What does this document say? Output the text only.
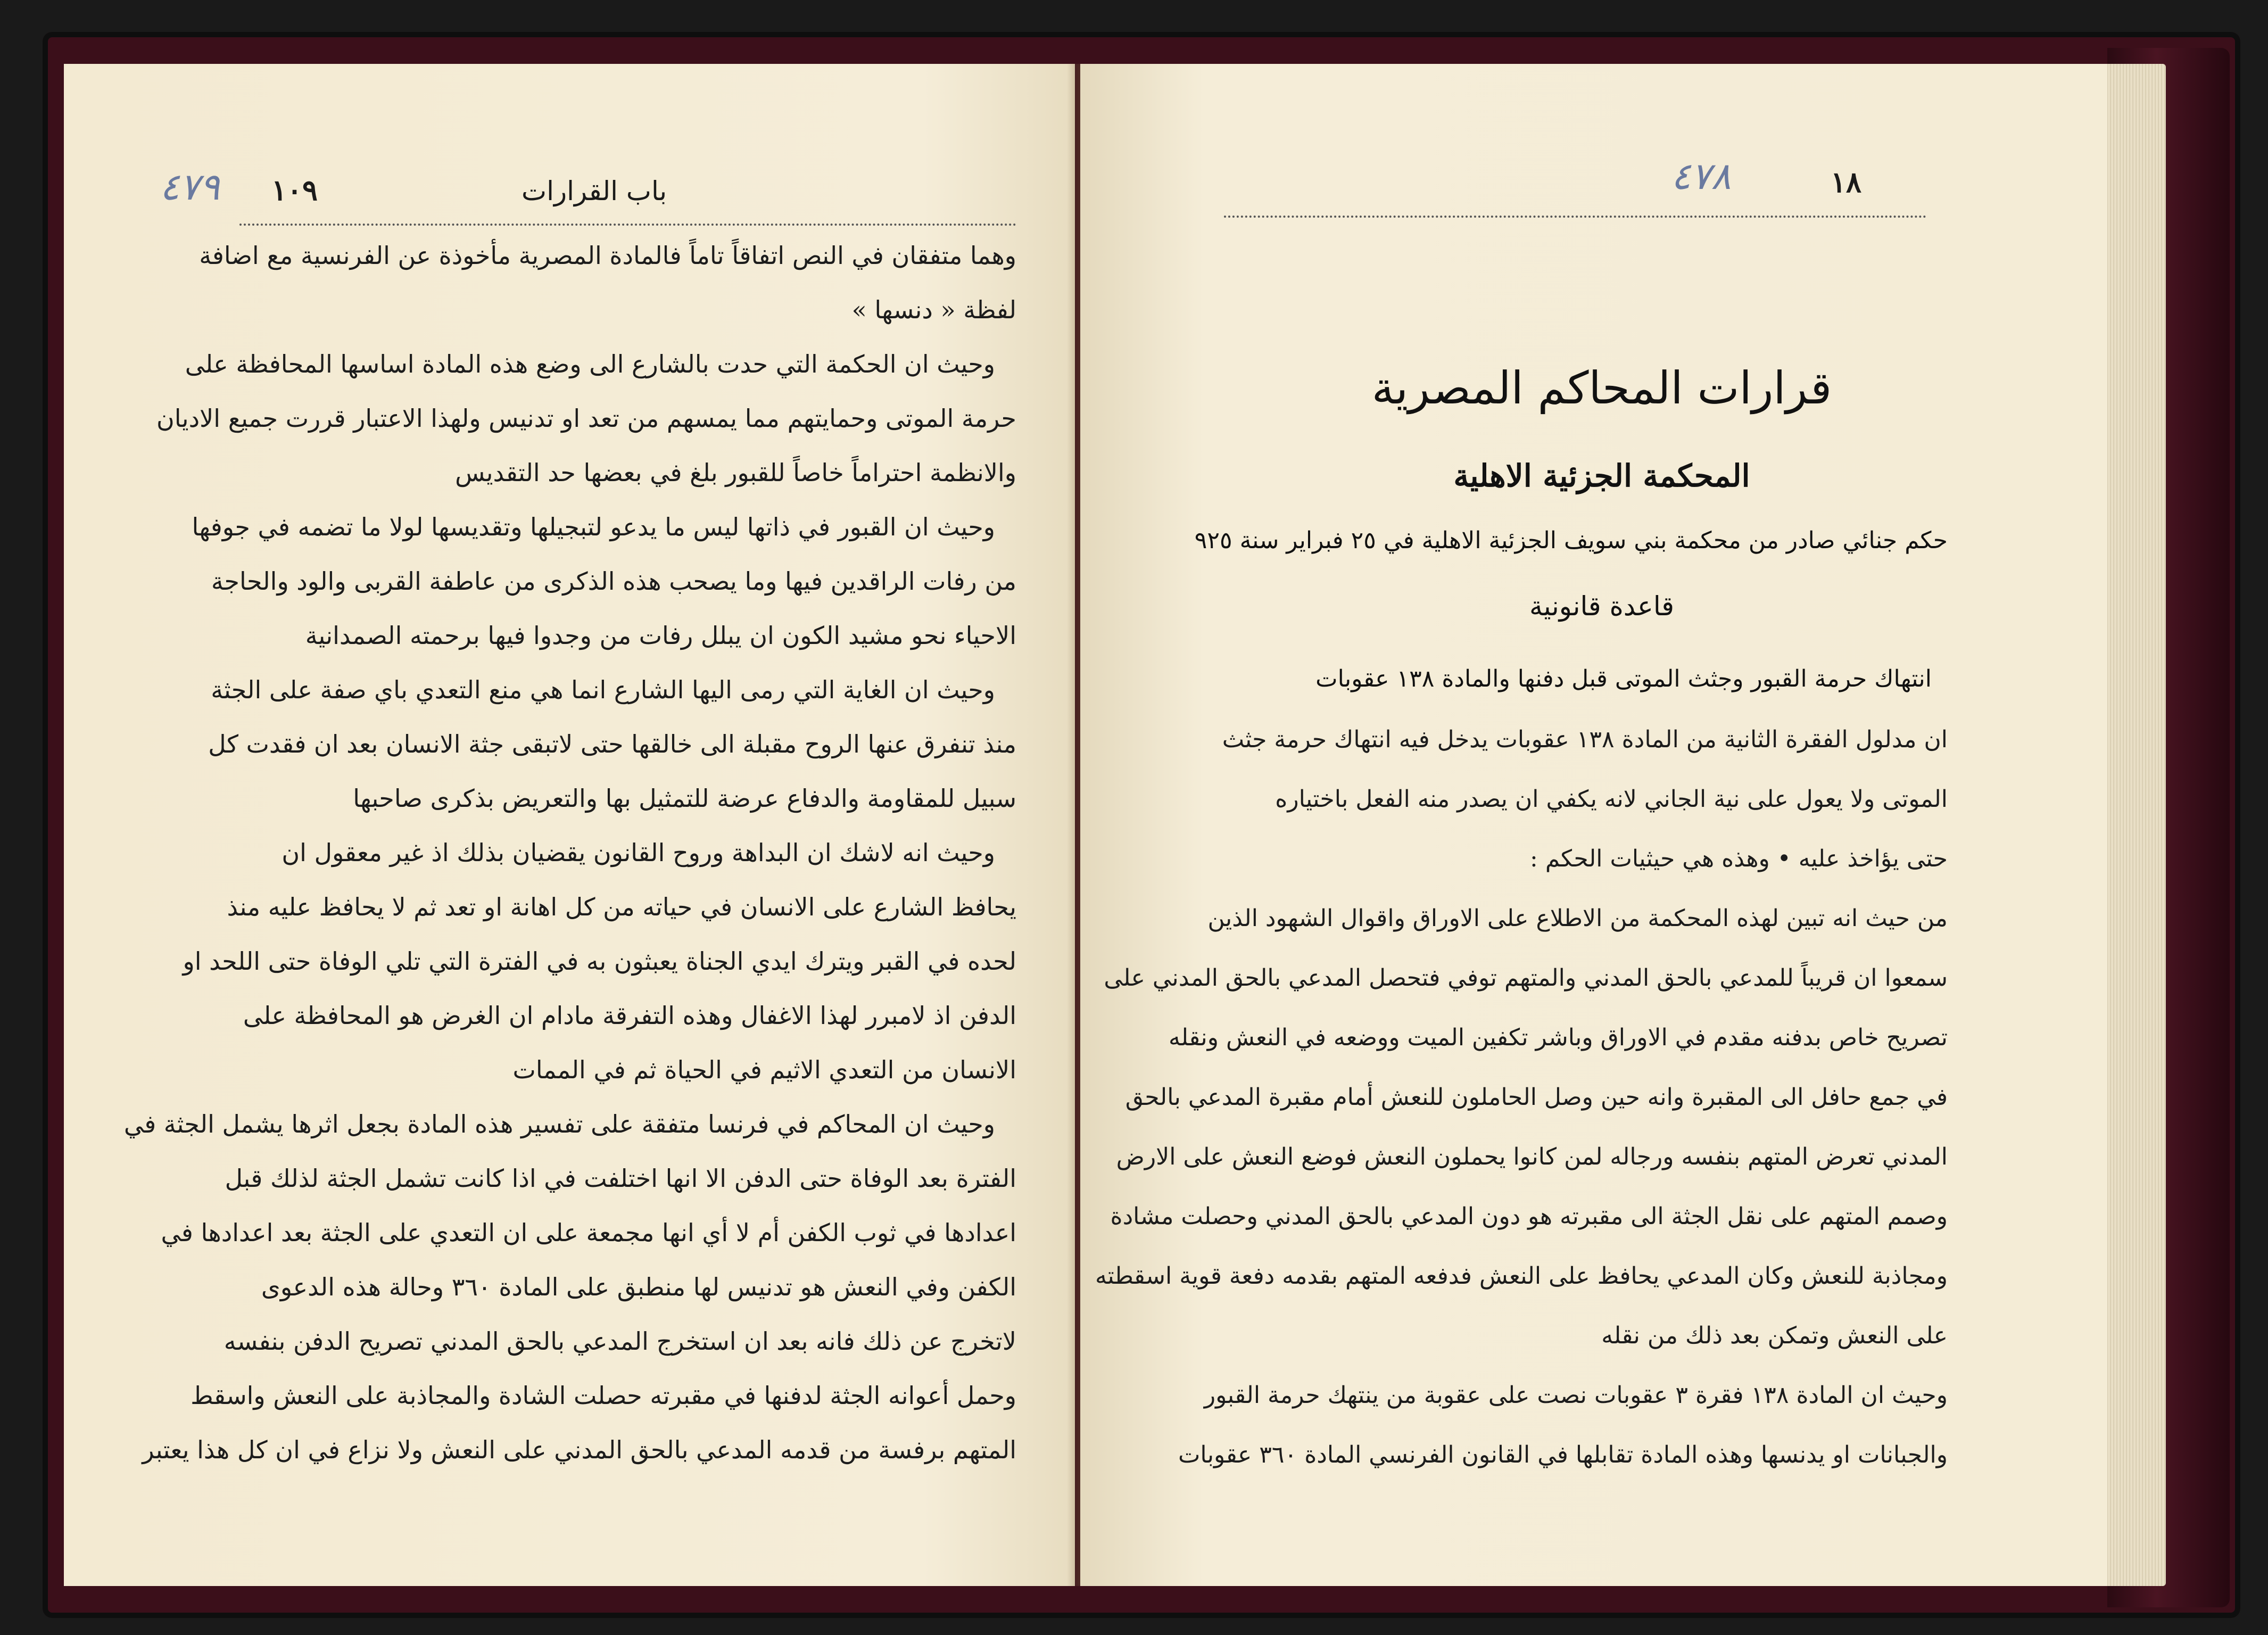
٤٧٩ ١٠٩	باب القرارات
وهما متفقان في النص اتفاقاً تاماً فالمادة المصرية مأخوذة عن الفرنسية مع اضافة
لفظة « دنسها »
وحيث ان الحكمة التي حدت بالشارع الى وضع هذه المادة اساسها المحافظة على
حرمة الموتى وحمايتهم مما يمسهم من تعد او تدنيس ولهذا الاعتبار قررت جميع الاديان
والانظمة احتراماً خاصاً للقبور بلغ في بعضها حد التقديس
وحيث ان القبور في ذاتها ليس ما يدعو لتبجيلها وتقديسها لولا ما تضمه في جوفها
من رفات الراقدين فيها وما يصحب هذه الذكرى من عاطفة القربى والود والحاجة
الاحياء نحو مشيد الكون ان يبلل رفات من وجدوا فيها برحمته الصمدانية
وحيث ان الغاية التي رمى اليها الشارع انما هي منع التعدي باي صفة على الجثة
منذ تنفرق عنها الروح مقبلة الى خالقها حتى لاتبقى جثة الانسان بعد ان فقدت كل
سبيل للمقاومة والدفاع عرضة للتمثيل بها والتعريض بذكرى صاحبها
وحيث انه لاشك ان البداهة وروح القانون يقضيان بذلك اذ غير معقول ان
يحافظ الشارع على الانسان في حياته من كل اهانة او تعد ثم لا يحافظ عليه منذ
لحده في القبر ويترك ايدي الجناة يعبثون به في الفترة التي تلي الوفاة حتى اللحد او
الدفن اذ لامبرر لهذا الاغفال وهذه التفرقة مادام ان الغرض هو المحافظة على
الانسان من التعدي الاثيم في الحياة ثم في الممات
وحيث ان المحاكم في فرنسا متفقة على تفسير هذه المادة بجعل اثرها يشمل الجثة في
الفترة بعد الوفاة حتى الدفن الا انها اختلفت في اذا كانت تشمل الجثة لذلك قبل
اعدادها في ثوب الكفن أم لا أي انها مجمعة على ان التعدي على الجثة بعد اعدادها في
الكفن وفي النعش هو تدنيس لها منطبق على المادة ٣٦٠ وحالة هذه الدعوى
لاتخرج عن ذلك فانه بعد ان استخرج المدعي بالحق المدني تصريح الدفن بنفسه
وحمل أعوانه الجثة لدفنها في مقبرته حصلت الشادة والمجاذبة على النعش واسقط
المتهم برفسة من قدمه المدعي بالحق المدني على النعش ولا نزاع في ان كل هذا يعتبر
٤٧٨	١٨
قرارات المحاكم المصرية
المحكمة الجزئية الاهلية
حكم جنائي صادر من محكمة بني سويف الجزئية الاهلية في ٢٥ فبراير سنة ٩٢٥
قاعدة قانونية
انتهاك حرمة القبور وجثث الموتى قبل دفنها والمادة ١٣٨ عقوبات
ان مدلول الفقرة الثانية من المادة ١٣٨ عقوبات يدخل فيه انتهاك حرمة جثث
الموتى ولا يعول على نية الجاني لانه يكفي ان يصدر منه الفعل باختياره
حتى يؤاخذ عليه • وهذه هي حيثيات الحكم :
من حيث انه تبين لهذه المحكمة من الاطلاع على الاوراق واقوال الشهود الذين
سمعوا ان قريباً للمدعي بالحق المدني والمتهم توفي فتحصل المدعي بالحق المدني على
تصريح خاص بدفنه مقدم في الاوراق وباشر تكفين الميت ووضعه في النعش ونقله
في جمع حافل الى المقبرة وانه حين وصل الحاملون للنعش أمام مقبرة المدعي بالحق
المدني تعرض المتهم بنفسه ورجاله لمن كانوا يحملون النعش فوضع النعش على الارض
وصمم المتهم على نقل الجثة الى مقبرته هو دون المدعي بالحق المدني وحصلت مشادة
ومجاذبة للنعش وكان المدعي يحافظ على النعش فدفعه المتهم بقدمه دفعة قوية اسقطته
على النعش وتمكن بعد ذلك من نقله
وحيث ان المادة ١٣٨ فقرة ٣ عقوبات نصت على عقوبة من ينتهك حرمة القبور
والجبانات او يدنسها وهذه المادة تقابلها في القانون الفرنسي المادة ٣٦٠ عقوبات
